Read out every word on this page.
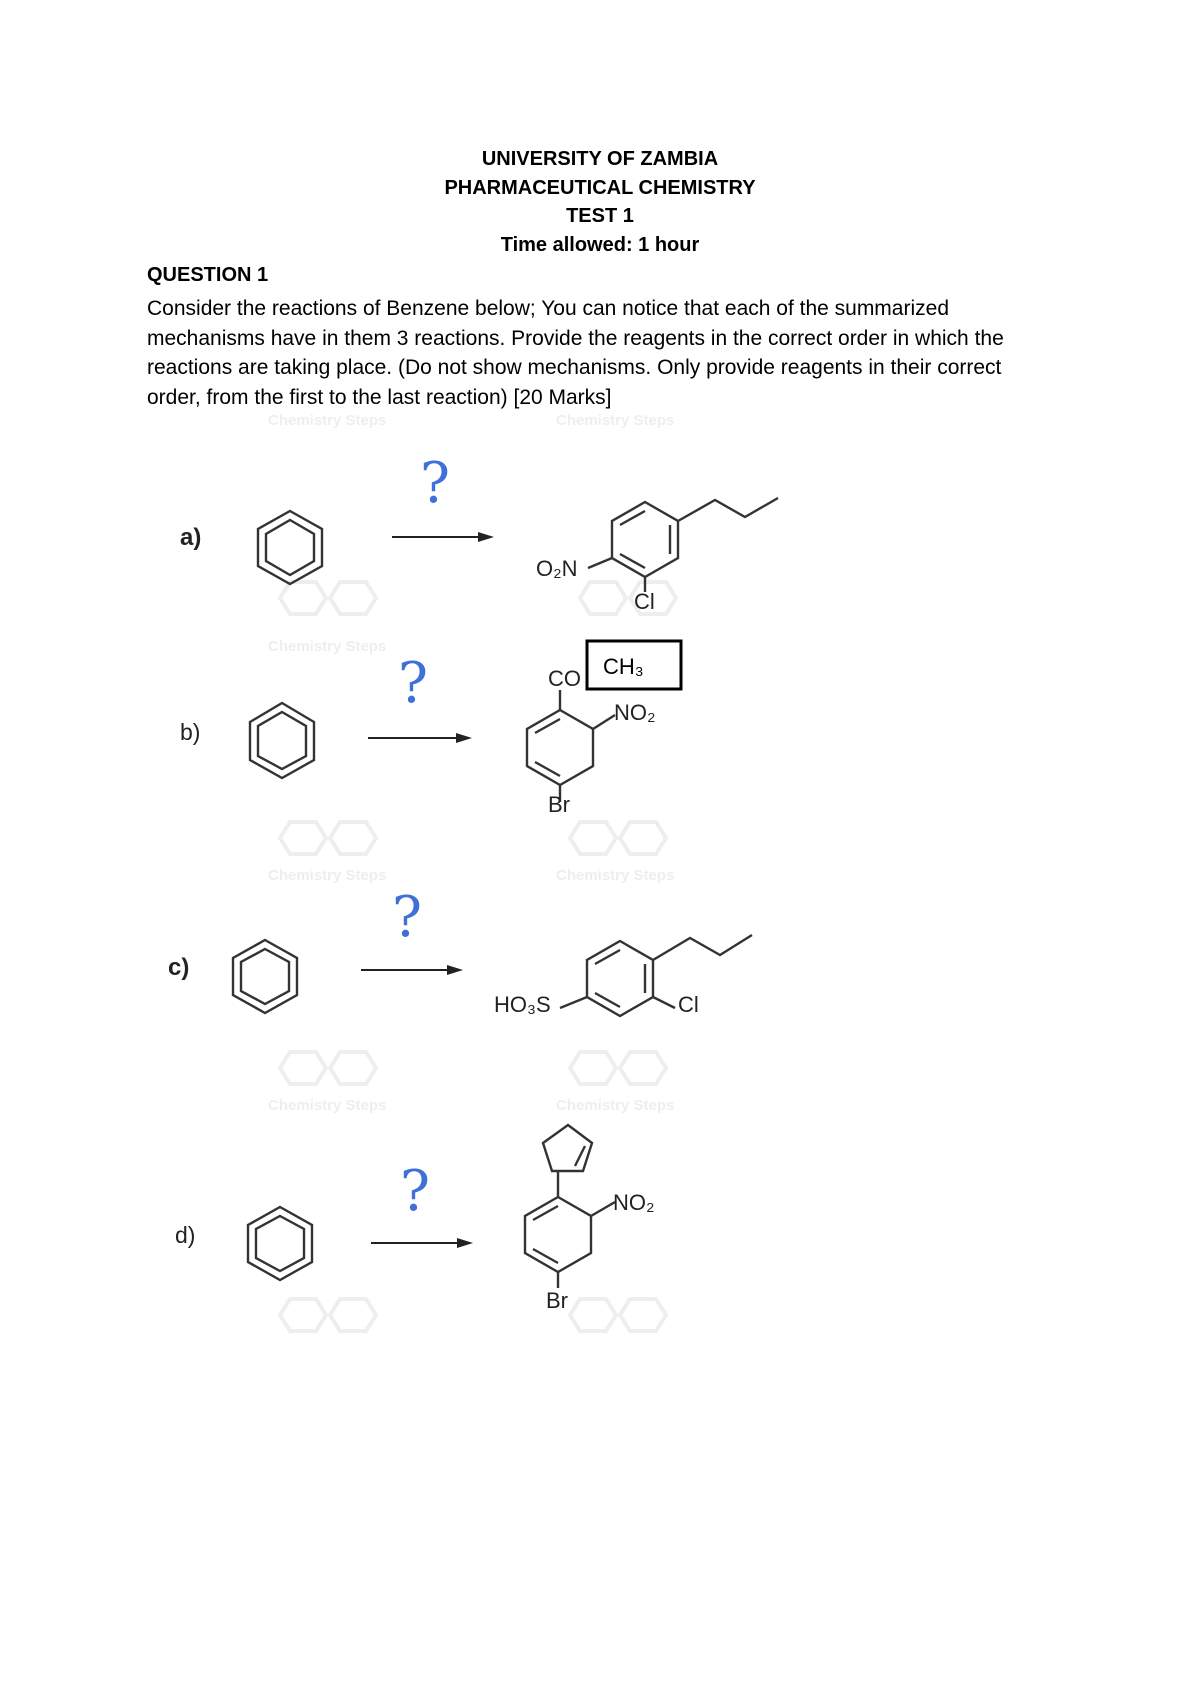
UNIVERSITY OF ZAMBIA
PHARMACEUTICAL CHEMISTRY
TEST 1
Time allowed: 1 hour
QUESTION 1
Consider the reactions of Benzene below; You can notice that each of the summarized mechanisms have in them 3 reactions. Provide the reagents in the correct order in which the reactions are taking place. (Do not show mechanisms. Only provide reagents in their correct order, from the first to the last reaction) [20 Marks]
Chemistry Steps	Chemistry Steps
Chemistry Steps
Chemistry Steps	Chemistry Steps
Chemistry Steps	Chemistry Steps
a)
?
O₂N
Cl
b)
?	CO
NO₂
Br
CH₃
c)
?
HO₃S	Cl
d)
?	NO₂
Br
